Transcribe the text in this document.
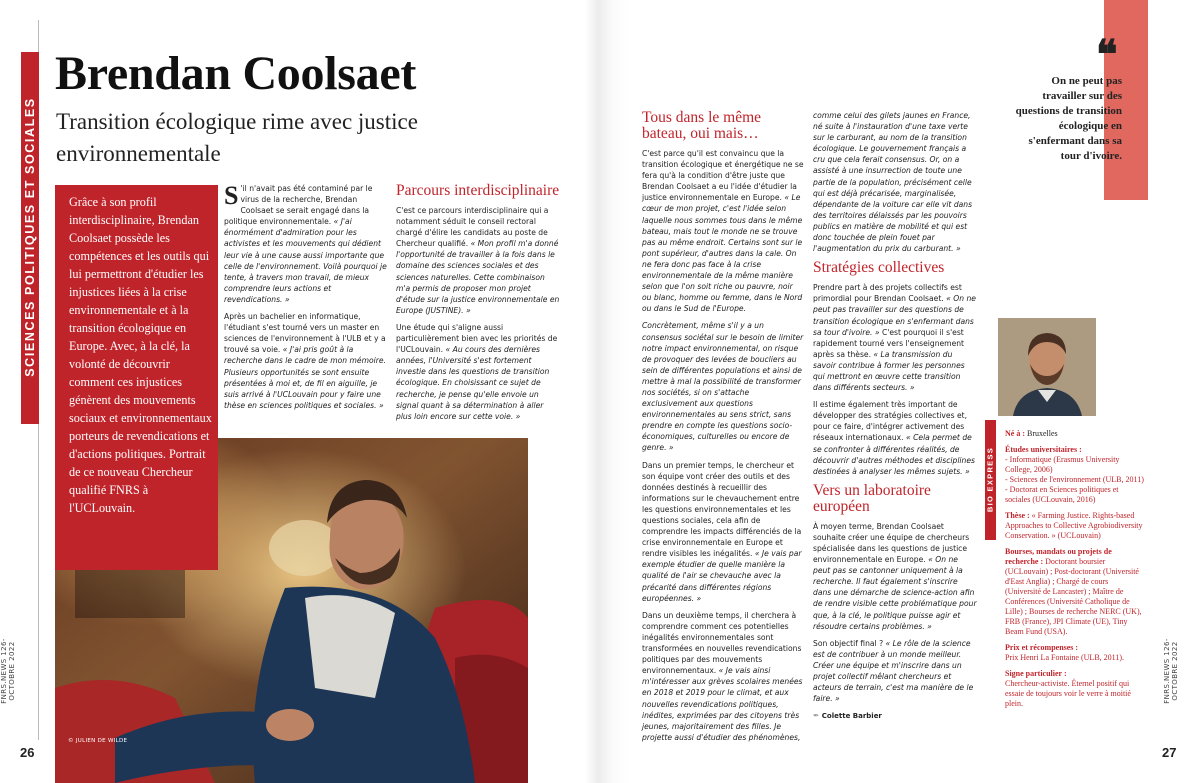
SCIENCES POLITIQUES ET SOCIALES
FNRS.NEWS 126-OCTOBRE 2022
26
Brendan Coolsaet
Transition écologique rime avec justice environnementale

Grâce à son profil interdisciplinaire, Brendan Coolsaet possède les compétences et les outils qui lui permettront d'étudier les injustices liées à la crise environnementale et à la transition écologique en Europe. Avec, à la clé, la volonté de découvrir comment ces injustices génèrent des mouvements sociaux et environnementaux porteurs de revendications et d'actions politiques. Portrait de ce nouveau Chercheur qualifié FNRS à l'UCLouvain.

S 'il n'avait pas été contaminé par le virus de la recherche, Brendan Coolsaet se serait engagé dans la politique environnementale. « J'ai énormément d'admiration pour les activistes et les mouvements qui dédient leur vie à une cause aussi importante que celle de l'environnement. Voilà pourquoi je tente, à travers mon travail, de mieux comprendre leurs actions et revendications. »

Après un bachelier en informatique, l'étudiant s'est tourné vers un master en sciences de l'environnement à l'ULB et y a trouvé sa voie. « J'ai pris goût à la recherche dans le cadre de mon mémoire. Plusieurs opportunités se sont ensuite présentées à moi et, de fil en aiguille, je suis arrivé à l'UCLouvain pour y faire une thèse en sciences politiques et sociales. »

Parcours interdisciplinaire

C'est ce parcours interdisciplinaire qui a notamment séduit le conseil rectoral chargé d'élire les candidats au poste de Chercheur qualifié. « Mon profil m'a donné l'opportunité de travailler à la fois dans le domaine des sciences sociales et des sciences naturelles. Cette combinaison m'a permis de proposer mon projet d'étude sur la justice environnementale en Europe (JUSTINE). »

Une étude qui s'aligne aussi particulièrement bien avec les priorités de l'UCLouvain. « Au cours des dernières années, l'Université s'est fortement investie dans les questions de transition écologique. En choisissant ce sujet de recherche, je pense qu'elle envoie un signal quant à sa détermination à aller plus loin encore sur cette voie. »

© JULIEN DE WILDE
Tous dans le même bateau, oui mais…

C'est parce qu'il est convaincu que la transition écologique et énergétique ne se fera qu'à la condition d'être juste que Brendan Coolsaet a eu l'idée d'étudier la justice environnementale en Europe. « Le cœur de mon projet, c'est l'idée selon laquelle nous sommes tous dans le même bateau, mais tout le monde ne se trouve pas au même endroit. Certains sont sur le pont supérieur, d'autres dans la cale. On ne fera donc pas face à la crise environnementale de la même manière selon que l'on soit riche ou pauvre, noir ou blanc, homme ou femme, dans le Nord ou dans le Sud de l'Europe.

Concrètement, même s'il y a un consensus sociétal sur le besoin de limiter notre impact environnemental, on risque de provoquer des levées de boucliers au sein de différentes populations et ainsi de mettre à mal la possibilité de transformer nos sociétés, si on s'attache exclusivement aux questions environnementales au sens strict, sans prendre en compte les questions socio-économiques, culturelles ou encore de genre. »

Dans un premier temps, le chercheur et son équipe vont créer des outils et des données destinés à recueillir des informations sur le chevauchement entre les questions environnementales et les questions sociales, cela afin de comprendre les impacts différenciés de la crise environnementale en Europe et rendre visibles les inégalités. « Je vais par exemple étudier de quelle manière la qualité de l'air se chevauche avec la précarité dans différentes régions européennes. »

Dans un deuxième temps, il cherchera à comprendre comment ces potentielles inégalités environnementales sont transformées en nouvelles revendications politiques par des mouvements environnementaux. « Je vais ainsi m'intéresser aux grèves scolaires menées en 2018 et 2019 pour le climat, et aux nouvelles revendications politiques, inédites, exprimées par des citoyens très jeunes, majoritairement des filles. Je projette aussi d'étudier des phénomènes,

comme celui des gilets jaunes en France, né suite à l'instauration d'une taxe verte sur le carburant, au nom de la transition écologique. Le gouvernement français a cru que cela ferait consensus. Or, on a assisté à une insurrection de toute une partie de la population, précisément celle qui est déjà précarisée, marginalisée, dépendante de la voiture car elle vit dans des territoires délaissés par les pouvoirs publics en matière de mobilité et qui est donc touchée de plein fouet par l'augmentation du prix du carburant. »

Stratégies collectives

Prendre part à des projets collectifs est primordial pour Brendan Coolsaet. « On ne peut pas travailler sur des questions de transition écologique en s'enfermant dans sa tour d'ivoire. » C'est pourquoi il s'est rapidement tourné vers l'enseignement après sa thèse. « La transmission du savoir contribue à former les personnes qui mettront en œuvre cette transition dans différents secteurs. »

Il estime également très important de développer des stratégies collectives et, pour ce faire, d'intégrer activement des réseaux internationaux. « Cela permet de se confronter à différentes réalités, de découvrir d'autres méthodes et disciplines destinées à analyser les mêmes sujets. »

Vers un laboratoire européen

À moyen terme, Brendan Coolsaet souhaite créer une équipe de chercheurs spécialisée dans les questions de justice environnementale en Europe. « On ne peut pas se cantonner uniquement à la recherche. Il faut également s'inscrire dans une démarche de science-action afin de rendre visible cette problématique pour que, à la clé, le politique puisse agir et résoudre certains problèmes. »

Son objectif final ? « Le rôle de la science est de contribuer à un monde meilleur. Créer une équipe et m'inscrire dans un projet collectif mêlant chercheurs et acteurs de terrain, c'est ma manière de le faire. »

✒ Colette Barbier

❝
On ne peut pas travailler sur des questions de transition écologique en s'enfermant dans sa tour d'ivoire.
BIO EXPRESS
Né à : Bruxelles
Études universitaires :
- Informatique (Erasmus University College, 2006)
- Sciences de l'environnement (ULB, 2011)
- Doctorat en Sciences politiques et sociales (UCLouvain, 2016)
Thèse : « Farming Justice. Rights-based Approaches to Collective Agrobiodiversity Conservation. » (UCLouvain)
Bourses, mandats ou projets de recherche : Doctorant boursier (UCLouvain) ; Post-doctorant (Université d'East Anglia) ; Chargé de cours (Université de Lancaster) ; Maître de Conférences (Université Catholique de Lille) ; Bourses de recherche NERC (UK), FRB (France), JPI Climate (UE), Tiny Beam Fund (USA).
Prix et récompenses :
Prix Henri La Fontaine (ULB, 2011).
Signe particulier :
Chercheur-activiste. Éternel positif qui essaie de toujours voir le verre à moitié plein.	FNRS.NEWS 126-OCTOBRE 2022
27
